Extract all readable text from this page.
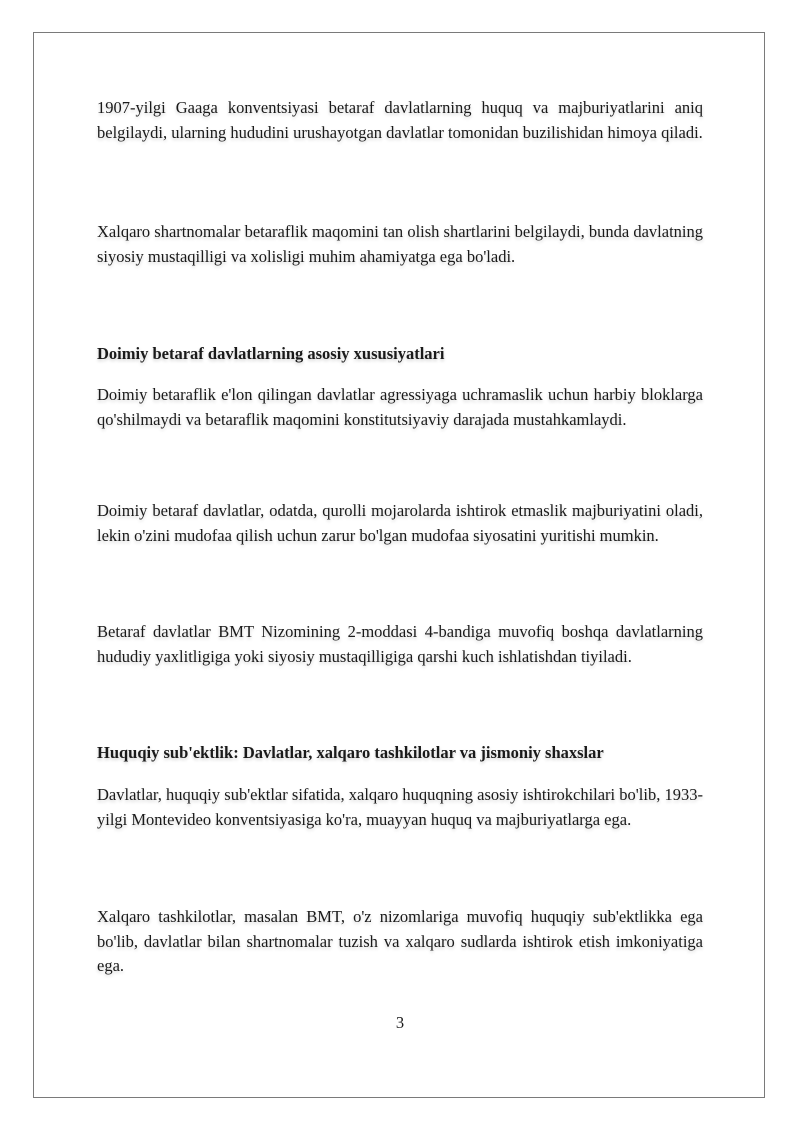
1907-yilgi Gaaga konventsiyasi betaraf davlatlarning huquq va majburiyatlarini aniq belgilaydi, ularning hududini urushayotgan davlatlar tomonidan buzilishidan himoya qiladi.

Xalqaro shartnomalar betaraflik maqomini tan olish shartlarini belgilaydi, bunda davlatning siyosiy mustaqilligi va xolisligi muhim ahamiyatga ega bo'ladi.

Doimiy betaraf davlatlarning asosiy xususiyatlari

Doimiy betaraflik e'lon qilingan davlatlar agressiyaga uchramaslik uchun harbiy bloklarga qo'shilmaydi va betaraflik maqomini konstitutsiyaviy darajada mustahkamlaydi.

Doimiy betaraf davlatlar, odatda, qurolli mojarolarda ishtirok etmaslik majburiyatini oladi, lekin o'zini mudofaa qilish uchun zarur bo'lgan mudofaa siyosatini yuritishi mumkin.

Betaraf davlatlar BMT Nizomining 2-moddasi 4-bandiga muvofiq boshqa davlatlarning hududiy yaxlitligiga yoki siyosiy mustaqilligiga qarshi kuch ishlatishdan tiyiladi.

Huquqiy sub'ektlik: Davlatlar, xalqaro tashkilotlar va jismoniy shaxslar

Davlatlar, huquqiy sub'ektlar sifatida, xalqaro huquqning asosiy ishtirokchilari bo'lib, 1933-yilgi Montevideo konventsiyasiga ko'ra, muayyan huquq va majburiyatlarga ega.

Xalqaro tashkilotlar, masalan BMT, o'z nizomlariga muvofiq huquqiy sub'ektlikka ega bo'lib, davlatlar bilan shartnomalar tuzish va xalqaro sudlarda ishtirok etish imkoniyatiga ega.

3
